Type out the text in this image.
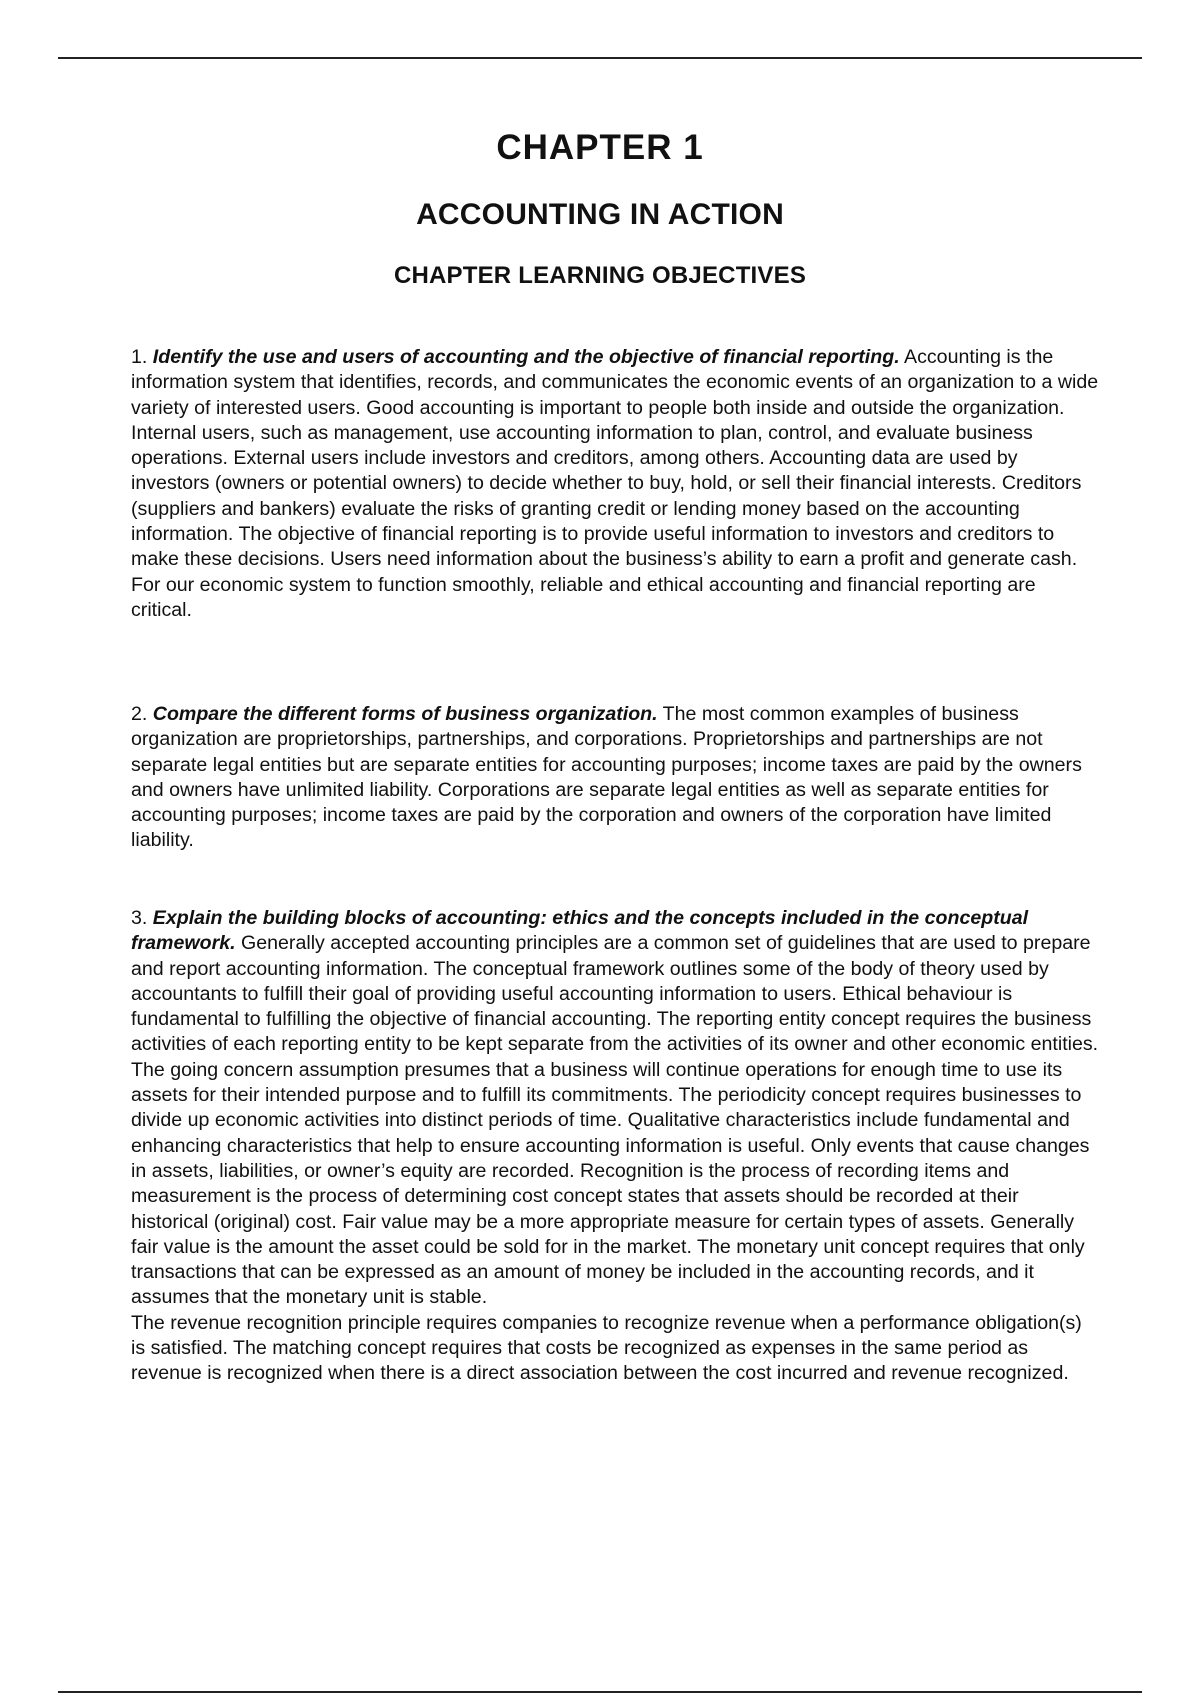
CHAPTER 1
ACCOUNTING IN ACTION
CHAPTER LEARNING OBJECTIVES

1. Identify the use and users of accounting and the objective of financial reporting. Accounting is the information system that identifies, records, and communicates the economic events of an organization to a wide variety of interested users. Good accounting is important to people both inside and outside the organization. Internal users, such as management, use accounting information to plan, control, and evaluate business operations. External users include investors and creditors, among others. Accounting data are used by investors (owners or potential owners) to decide whether to buy, hold, or sell their financial interests. Creditors (suppliers and bankers) evaluate the risks of granting credit or lending money based on the accounting information. The objective of financial reporting is to provide useful information to investors and creditors to make these decisions. Users need information about the business’s ability to earn a profit and generate cash. For our economic system to function smoothly, reliable and ethical accounting and financial reporting are critical.

2. Compare the different forms of business organization. The most common examples of business organization are proprietorships, partnerships, and corporations. Proprietorships and partnerships are not separate legal entities but are separate entities for accounting purposes; income taxes are paid by the owners and owners have unlimited liability. Corporations are separate legal entities as well as separate entities for accounting purposes; income taxes are paid by the corporation and owners of the corporation have limited liability.

3. Explain the building blocks of accounting: ethics and the concepts included in the conceptual framework. Generally accepted accounting principles are a common set of guidelines that are used to prepare and report accounting information. The conceptual framework outlines some of the body of theory used by accountants to fulfill their goal of providing useful accounting information to users. Ethical behaviour is fundamental to fulfilling the objective of financial accounting. The reporting entity concept requires the business activities of each reporting entity to be kept separate from the activities of its owner and other economic entities. The going concern assumption presumes that a business will continue operations for enough time to use its assets for their intended purpose and to fulfill its commitments. The periodicity concept requires businesses to divide up economic activities into distinct periods of time. Qualitative characteristics include fundamental and enhancing characteristics that help to ensure accounting information is useful. Only events that cause changes in assets, liabilities, or owner’s equity are recorded. Recognition is the process of recording items and measurement is the process of determining cost concept states that assets should be recorded at their historical (original) cost. Fair value may be a more appropriate measure for certain types of assets. Generally fair value is the amount the asset could be sold for in the market. The monetary unit concept requires that only transactions that can be expressed as an amount of money be included in the accounting records, and it assumes that the monetary unit is stable.
The revenue recognition principle requires companies to recognize revenue when a performance obligation(s) is satisfied. The matching concept requires that costs be recognized as expenses in the same period as revenue is recognized when there is a direct association between the cost incurred and revenue recognized.
